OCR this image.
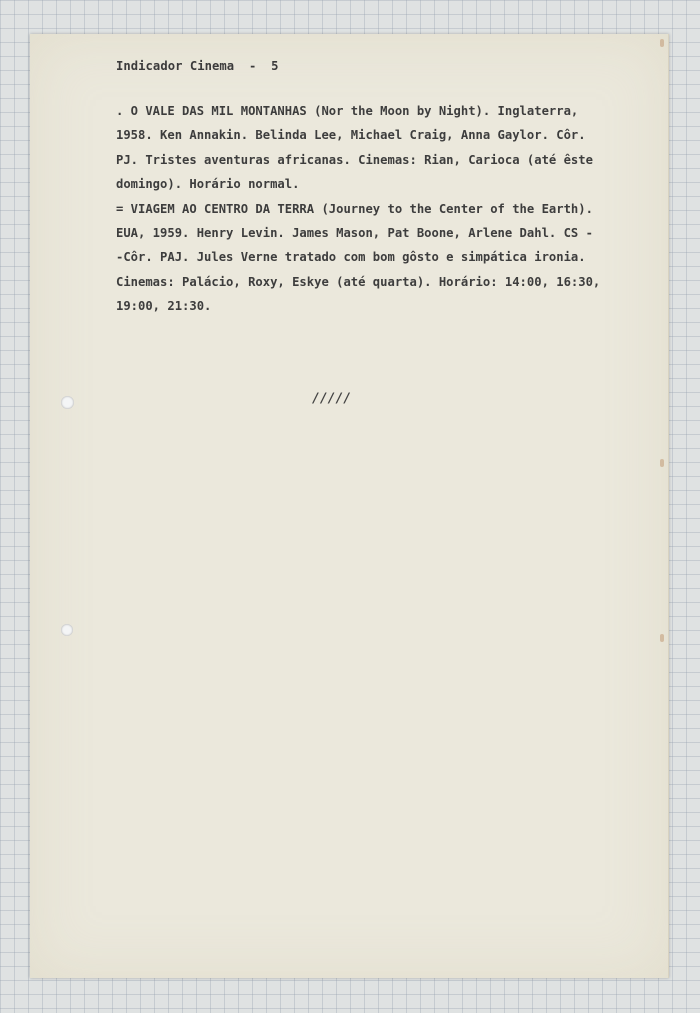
Indicador Cinema  -  5
. O VALE DAS MIL MONTANHAS (Nor the Moon by Night). Inglaterra,
1958. Ken Annakin. Belinda Lee, Michael Craig, Anna Gaylor. Côr.
PJ. Tristes aventuras africanas. Cinemas: Rian, Carioca (até êste
domingo). Horário normal.
= VIAGEM AO CENTRO DA TERRA (Journey to the Center of the Earth).
EUA, 1959. Henry Levin. James Mason, Pat Boone, Arlene Dahl. CS -
-Côr. PAJ. Jules Verne tratado com bom gôsto e simpática ironia.
Cinemas: Palácio, Roxy, Eskye (até quarta). Horário: 14:00, 16:30,
19:00, 21:30.
/////
